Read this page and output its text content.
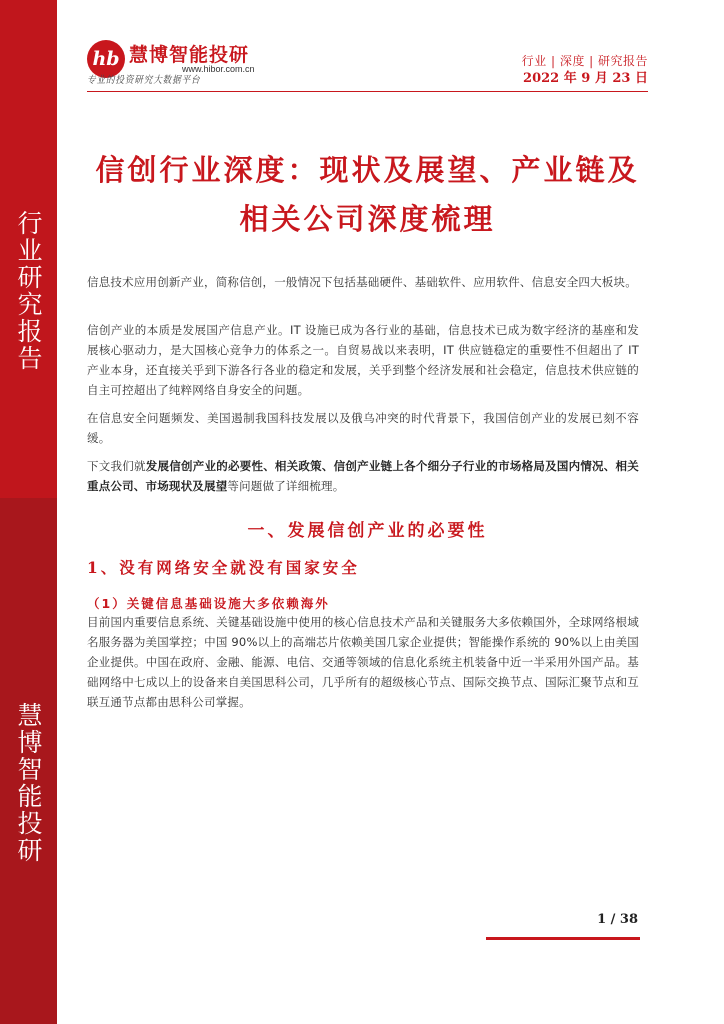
行业研究报告
慧博智能投研
hb 慧博智能投研
www.hibor.com.cn
专业的投资研究大数据平台
行业 | 深度 | 研究报告
2022 年 9 月 23 日
信创行业深度：现状及展望、产业链及相关公司深度梳理

信息技术应用创新产业，简称信创，一般情况下包括基础硬件、基础软件、应用软件、信息安全四大板块。

信创产业的本质是发展国产信息产业。IT 设施已成为各行业的基础，信息技术已成为数字经济的基座和发展核心驱动力，是大国核心竞争力的体系之一。自贸易战以来表明，IT 供应链稳定的重要性不但超出了 IT 产业本身，还直接关乎到下游各行各业的稳定和发展，关乎到整个经济发展和社会稳定，信息技术供应链的自主可控超出了纯粹网络自身安全的问题。

在信息安全问题频发、美国遏制我国科技发展以及俄乌冲突的时代背景下，我国信创产业的发展已刻不容缓。

下文我们就发展信创产业的必要性、相关政策、信创产业链上各个细分子行业的市场格局及国内情况、相关重点公司、市场现状及展望等问题做了详细梳理。

一、发展信创产业的必要性
1、没有网络安全就没有国家安全
（1）关键信息基础设施大多依赖海外

目前国内重要信息系统、关键基础设施中使用的核心信息技术产品和关键服务大多依赖国外，全球网络根域名服务器为美国掌控；中国 90%以上的高端芯片依赖美国几家企业提供；智能操作系统的 90%以上由美国企业提供。中国在政府、金融、能源、电信、交通等领域的信息化系统主机装备中近一半采用外国产品。基础网络中七成以上的设备来自美国思科公司，几乎所有的超级核心节点、国际交换节点、国际汇聚节点和互联互通节点都由思科公司掌握。

1 / 38
